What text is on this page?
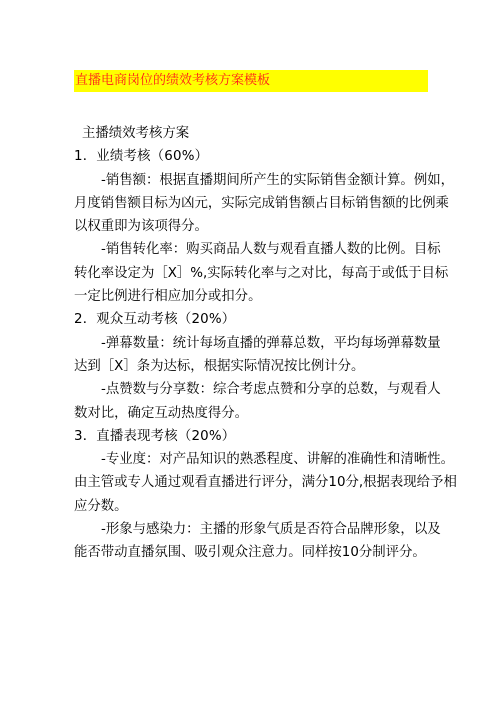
直播电商岗位的绩效考核方案模板
主播绩效考核方案
1．业绩考核（60%）
-销售额：根据直播期间所产生的实际销售金额计算。例如，
月度销售额目标为凶元，实际完成销售额占目标销售额的比例乘
以权重即为该项得分。
-销售转化率：购买商品人数与观看直播人数的比例。目标
转化率设定为［X］%,实际转化率与之对比，每高于或低于目标
一定比例进行相应加分或扣分。
2．观众互动考核（20%）
-弹幕数量：统计每场直播的弹幕总数，平均每场弹幕数量
达到［X］条为达标，根据实际情况按比例计分。
-点赞数与分享数：综合考虑点赞和分享的总数，与观看人
数对比，确定互动热度得分。
3．直播表现考核（20%）
-专业度：对产品知识的熟悉程度、讲解的准确性和清晰性。
由主管或专人通过观看直播进行评分，满分10分,根据表现给予相
应分数。
-形象与感染力：主播的形象气质是否符合品牌形象，以及
能否带动直播氛围、吸引观众注意力。同样按10分制评分。
